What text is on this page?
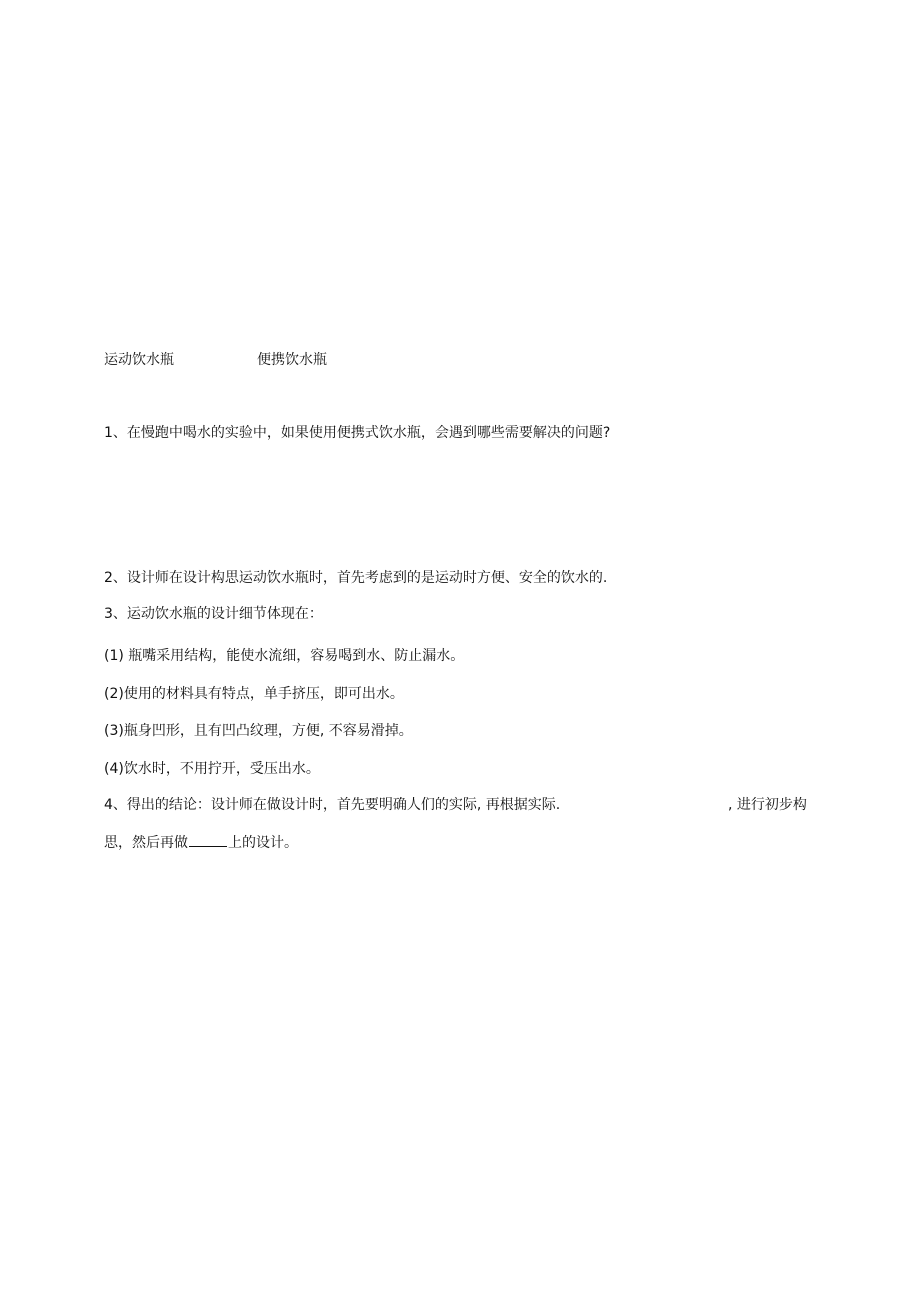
运动饮水瓶	便携饮水瓶
1、在慢跑中喝水的实验中，如果使用便携式饮水瓶，会遇到哪些需要解决的问题?
2、设计师在设计构思运动饮水瓶时，首先考虑到的是运动时方便、安全的饮水的.
3、运动饮水瓶的设计细节体现在：
(1) 瓶嘴采用结构，能使水流细，容易喝到水、防止漏水。
(2)使用的材料具有特点，单手挤压，即可出水。
(3)瓶身凹形，且有凹凸纹理，方便, 不容易滑掉。
(4)饮水时，不用拧开，受压出水。
4、得出的结论：设计师在做设计时，首先要明确人们的实际, 再根据实际.	, 进行初步构
思，然后再做	上的设计。
